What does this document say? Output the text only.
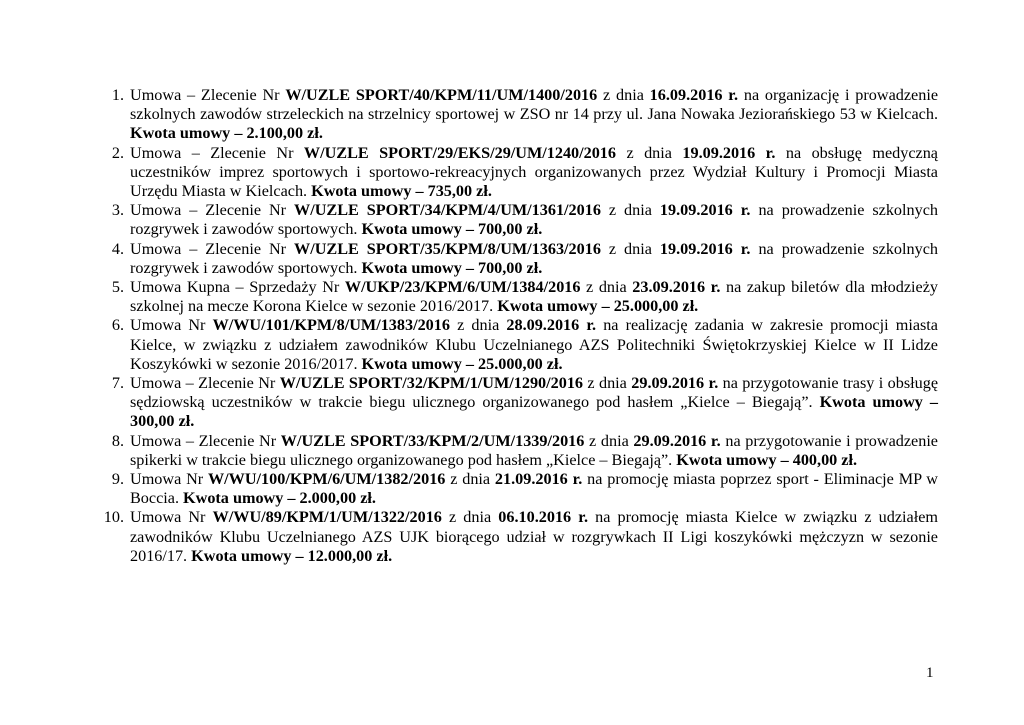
1. Umowa – Zlecenie Nr W/UZLE SPORT/40/KPM/11/UM/1400/2016 z dnia 16.09.2016 r. na organizację i prowadzenie szkolnych zawodów strzeleckich na strzelnicy sportowej w ZSO nr 14 przy ul. Jana Nowaka Jeziorańskiego 53 w Kielcach. Kwota umowy – 2.100,00 zł.
2. Umowa – Zlecenie Nr W/UZLE SPORT/29/EKS/29/UM/1240/2016 z dnia 19.09.2016 r. na obsługę medyczną uczestników imprez sportowych i sportowo-rekreacyjnych organizowanych przez Wydział Kultury i Promocji Miasta Urzędu Miasta w Kielcach. Kwota umowy – 735,00 zł.
3. Umowa – Zlecenie Nr W/UZLE SPORT/34/KPM/4/UM/1361/2016 z dnia 19.09.2016 r. na prowadzenie szkolnych rozgrywek i zawodów sportowych. Kwota umowy – 700,00 zł.
4. Umowa – Zlecenie Nr W/UZLE SPORT/35/KPM/8/UM/1363/2016 z dnia 19.09.2016 r. na prowadzenie szkolnych rozgrywek i zawodów sportowych. Kwota umowy – 700,00 zł.
5. Umowa Kupna – Sprzedaży Nr W/UKP/23/KPM/6/UM/1384/2016 z dnia 23.09.2016 r. na zakup biletów dla młodzieży szkolnej na mecze Korona Kielce w sezonie 2016/2017. Kwota umowy – 25.000,00 zł.
6. Umowa Nr W/WU/101/KPM/8/UM/1383/2016 z dnia 28.09.2016 r. na realizację zadania w zakresie promocji miasta Kielce, w związku z udziałem zawodników Klubu Uczelnianego AZS Politechniki Świętokrzyskiej Kielce w II Lidze Koszykówki w sezonie 2016/2017. Kwota umowy – 25.000,00 zł.
7. Umowa – Zlecenie Nr W/UZLE SPORT/32/KPM/1/UM/1290/2016 z dnia 29.09.2016 r. na przygotowanie trasy i obsługę sędziowską uczestników w trakcie biegu ulicznego organizowanego pod hasłem „Kielce – Biegają”. Kwota umowy – 300,00 zł.
8. Umowa – Zlecenie Nr W/UZLE SPORT/33/KPM/2/UM/1339/2016 z dnia 29.09.2016 r. na przygotowanie i prowadzenie spikerki w trakcie biegu ulicznego organizowanego pod hasłem „Kielce – Biegają”. Kwota umowy – 400,00 zł.
9. Umowa Nr W/WU/100/KPM/6/UM/1382/2016 z dnia 21.09.2016 r. na promocję miasta poprzez sport - Eliminacje MP w Boccia. Kwota umowy – 2.000,00 zł.
10. Umowa Nr W/WU/89/KPM/1/UM/1322/2016 z dnia 06.10.2016 r. na promocję miasta Kielce w związku z udziałem zawodników Klubu Uczelnianego AZS UJK biorącego udział w rozgrywkach II Ligi koszykówki mężczyzn w sezonie 2016/17. Kwota umowy – 12.000,00 zł.
1
